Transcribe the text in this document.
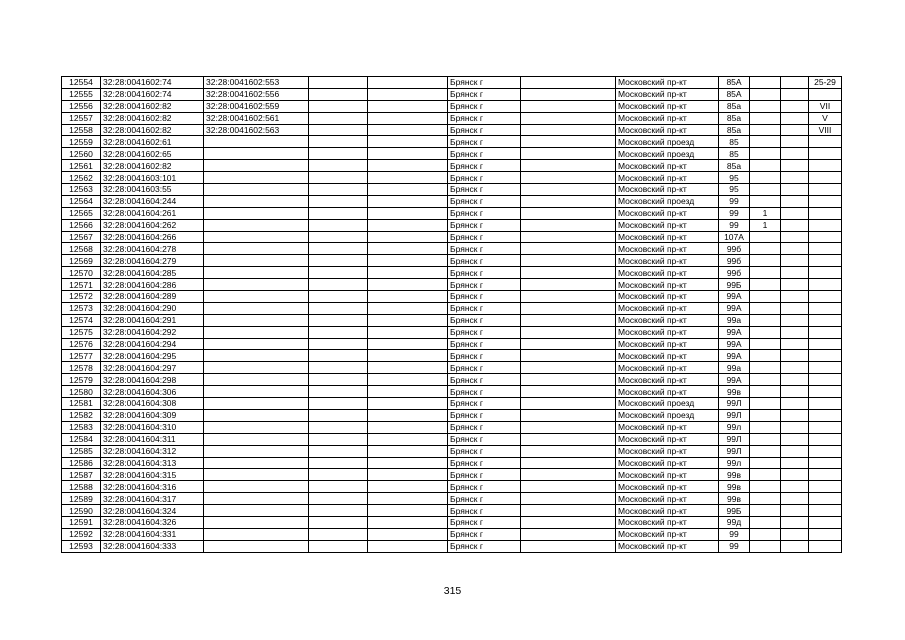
12554	32:28:0041602:74	32:28:0041602:553			Брянск г		Московский пр-кт	85А			25-29
12555	32:28:0041602:74	32:28:0041602:556			Брянск г		Московский пр-кт	85А			
12556	32:28:0041602:82	32:28:0041602:559			Брянск г		Московский пр-кт	85а			VII
12557	32:28:0041602:82	32:28:0041602:561			Брянск г		Московский пр-кт	85а			V
12558	32:28:0041602:82	32:28:0041602:563			Брянск г		Московский пр-кт	85а			VIII
12559	32:28:0041602:61				Брянск г		Московский проезд	85			
12560	32:28:0041602:65				Брянск г		Московский проезд	85			
12561	32:28:0041602:82				Брянск г		Московский пр-кт	85а			
12562	32:28:0041603:101				Брянск г		Московский пр-кт	95			
12563	32:28:0041603:55				Брянск г		Московский пр-кт	95			
12564	32:28:0041604:244				Брянск г		Московский проезд	99			
12565	32:28:0041604:261				Брянск г		Московский пр-кт	99	1		
12566	32:28:0041604:262				Брянск г		Московский пр-кт	99	1		
12567	32:28:0041604:266				Брянск г		Московский пр-кт	107А			
12568	32:28:0041604:278				Брянск г		Московский пр-кт	99б			
12569	32:28:0041604:279				Брянск г		Московский пр-кт	99б			
12570	32:28:0041604:285				Брянск г		Московский пр-кт	99б			
12571	32:28:0041604:286				Брянск г		Московский пр-кт	99Б			
12572	32:28:0041604:289				Брянск г		Московский пр-кт	99А			
12573	32:28:0041604:290				Брянск г		Московский пр-кт	99А			
12574	32:28:0041604:291				Брянск г		Московский пр-кт	99а			
12575	32:28:0041604:292				Брянск г		Московский пр-кт	99А			
12576	32:28:0041604:294				Брянск г		Московский пр-кт	99А			
12577	32:28:0041604:295				Брянск г		Московский пр-кт	99А			
12578	32:28:0041604:297				Брянск г		Московский пр-кт	99а			
12579	32:28:0041604:298				Брянск г		Московский пр-кт	99А			
12580	32:28:0041604:306				Брянск г		Московский пр-кт	99в			
12581	32:28:0041604:308				Брянск г		Московский проезд	99Л			
12582	32:28:0041604:309				Брянск г		Московский проезд	99Л			
12583	32:28:0041604:310				Брянск г		Московский пр-кт	99л			
12584	32:28:0041604:311				Брянск г		Московский пр-кт	99Л			
12585	32:28:0041604:312				Брянск г		Московский пр-кт	99Л			
12586	32:28:0041604:313				Брянск г		Московский пр-кт	99л			
12587	32:28:0041604:315				Брянск г		Московский пр-кт	99в			
12588	32:28:0041604:316				Брянск г		Московский пр-кт	99в			
12589	32:28:0041604:317				Брянск г		Московский пр-кт	99в			
12590	32:28:0041604:324				Брянск г		Московский пр-кт	99Б			
12591	32:28:0041604:326				Брянск г		Московский пр-кт	99д			
12592	32:28:0041604:331				Брянск г		Московский пр-кт	99			
12593	32:28:0041604:333				Брянск г		Московский пр-кт	99			
315
